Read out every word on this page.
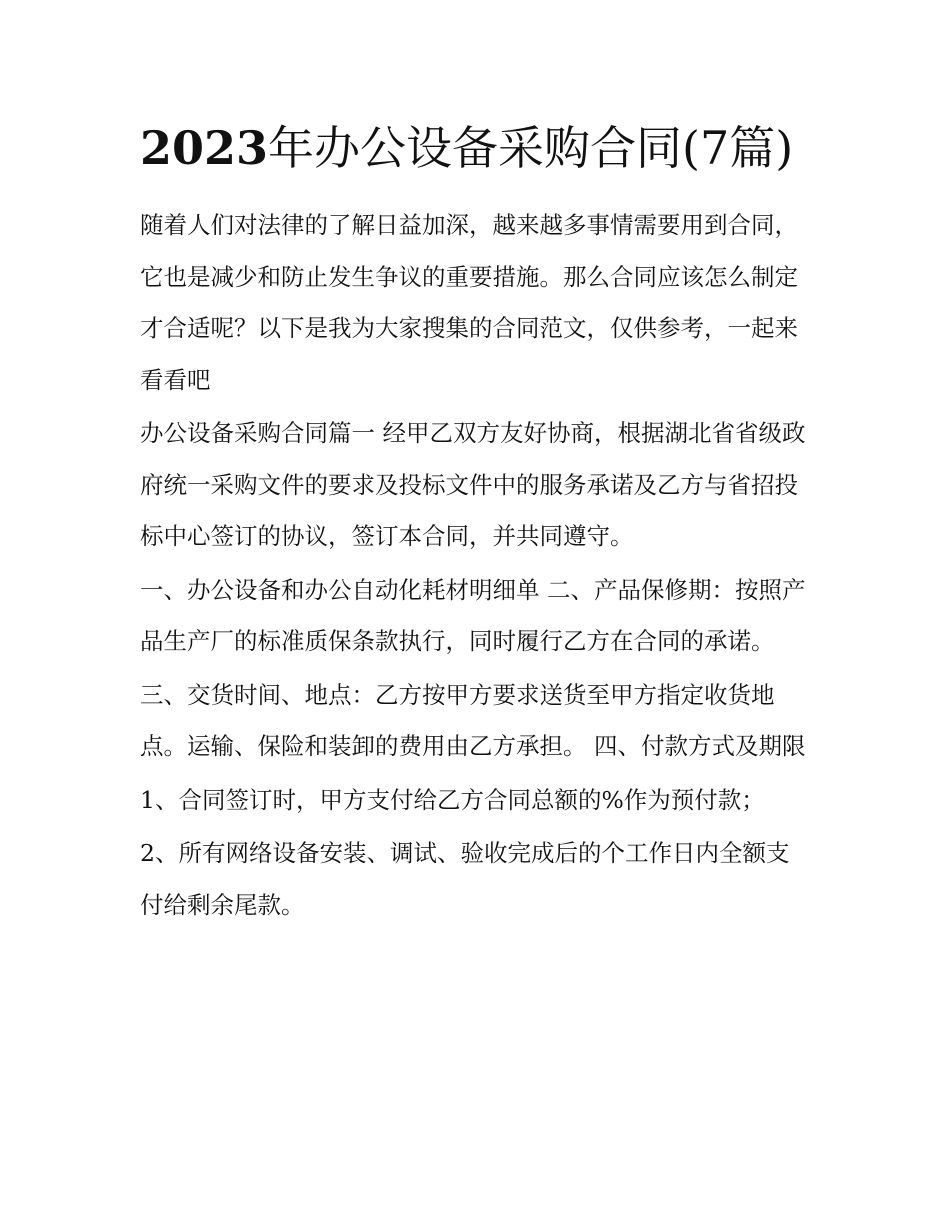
2023年办公设备采购合同(7篇)

随着人们对法律的了解日益加深，越来越多事情需要用到合同，它也是减少和防止发生争议的重要措施。那么合同应该怎么制定才合适呢？以下是我为大家搜集的合同范文，仅供参考，一起来看看吧

办公设备采购合同篇一 经甲乙双方友好协商，根据湖北省省级政府统一采购文件的要求及投标文件中的服务承诺及乙方与省招投标中心签订的协议，签订本合同，并共同遵守。

一、办公设备和办公自动化耗材明细单 二、产品保修期：按照产品生产厂的标准质保条款执行，同时履行乙方在合同的承诺。

三、交货时间、地点：乙方按甲方要求送货至甲方指定收货地点。运输、保险和装卸的费用由乙方承担。 四、付款方式及期限

1、合同签订时，甲方支付给乙方合同总额的%作为预付款；

2、所有网络设备安装、调试、验收完成后的个工作日内全额支付给剩余尾款。
